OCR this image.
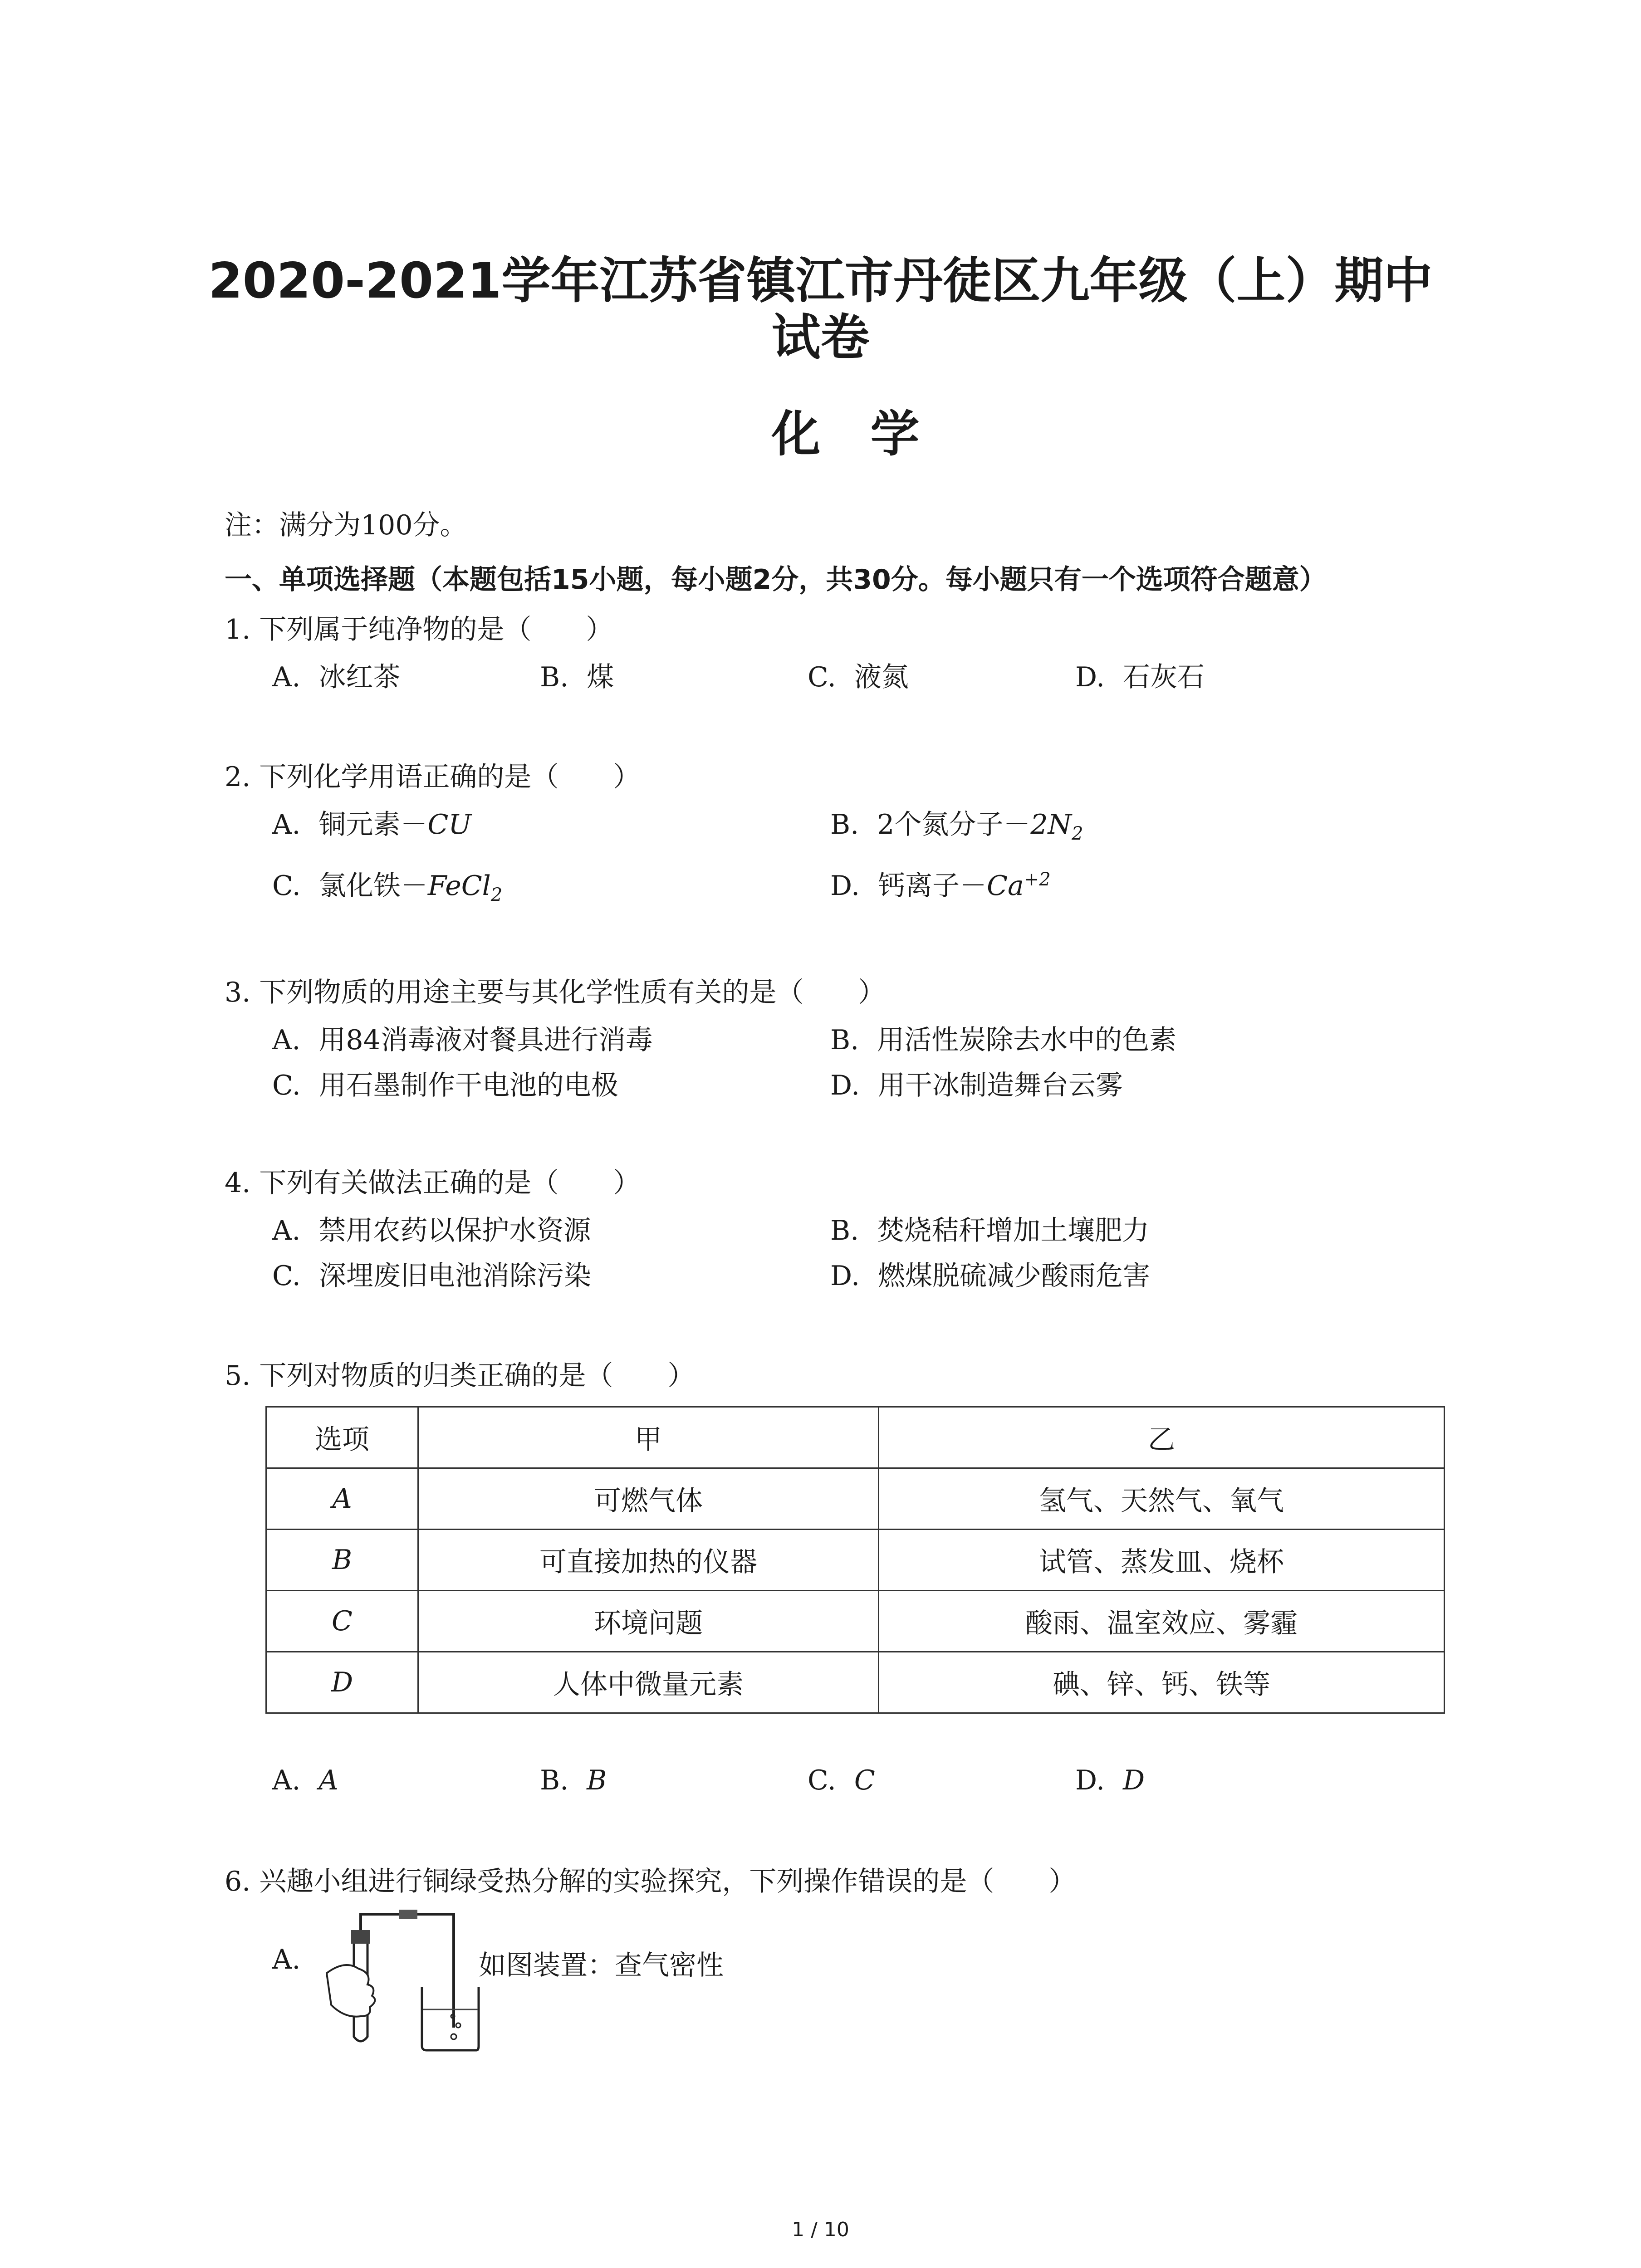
2020-2021学年江苏省镇江市丹徒区九年级（上）期中
试卷
化学
注：满分为100分。
一、单项选择题（本题包括15小题，每小题2分，共30分。每小题只有一个选项符合题意）
1. 下列属于纯净物的是（　　）
A. 冰红茶	B. 煤	C. 液氮	D. 石灰石
2. 下列化学用语正确的是（　　）
A. 铜元素－CU	B. 2个氮分子$-2N_2$
C. 氯化铁－FeCl$_2$	D. 钙离子$-Ca^{+2}$
3. 下列物质的用途主要与其化学性质有关的是（　　）
A. 用84消毒液对餐具进行消毒	B. 用活性炭除去水中的色素
C. 用石墨制作干电池的电极	D. 用干冰制造舞台云雾
4. 下列有关做法正确的是（　　）
A. 禁用农药以保护水资源	B. 焚烧秸秆增加土壤肥力
C. 深埋废旧电池消除污染	D. 燃煤脱硫减少酸雨危害
5. 下列对物质的归类正确的是（　　）
选项	甲	乙
A	可燃气体	氢气、天然气、氧气
B	可直接加热的仪器	试管、蒸发皿、烧杯
C	环境问题	酸雨、温室效应、雾霾
D	人体中微量元素	碘、锌、钙、铁等
A. A	B. B	C. C	D. D
6. 兴趣小组进行铜绿受热分解的实验探究，下列操作错误的是（　　）
A.	如图装置：查气密性
1 / 10
